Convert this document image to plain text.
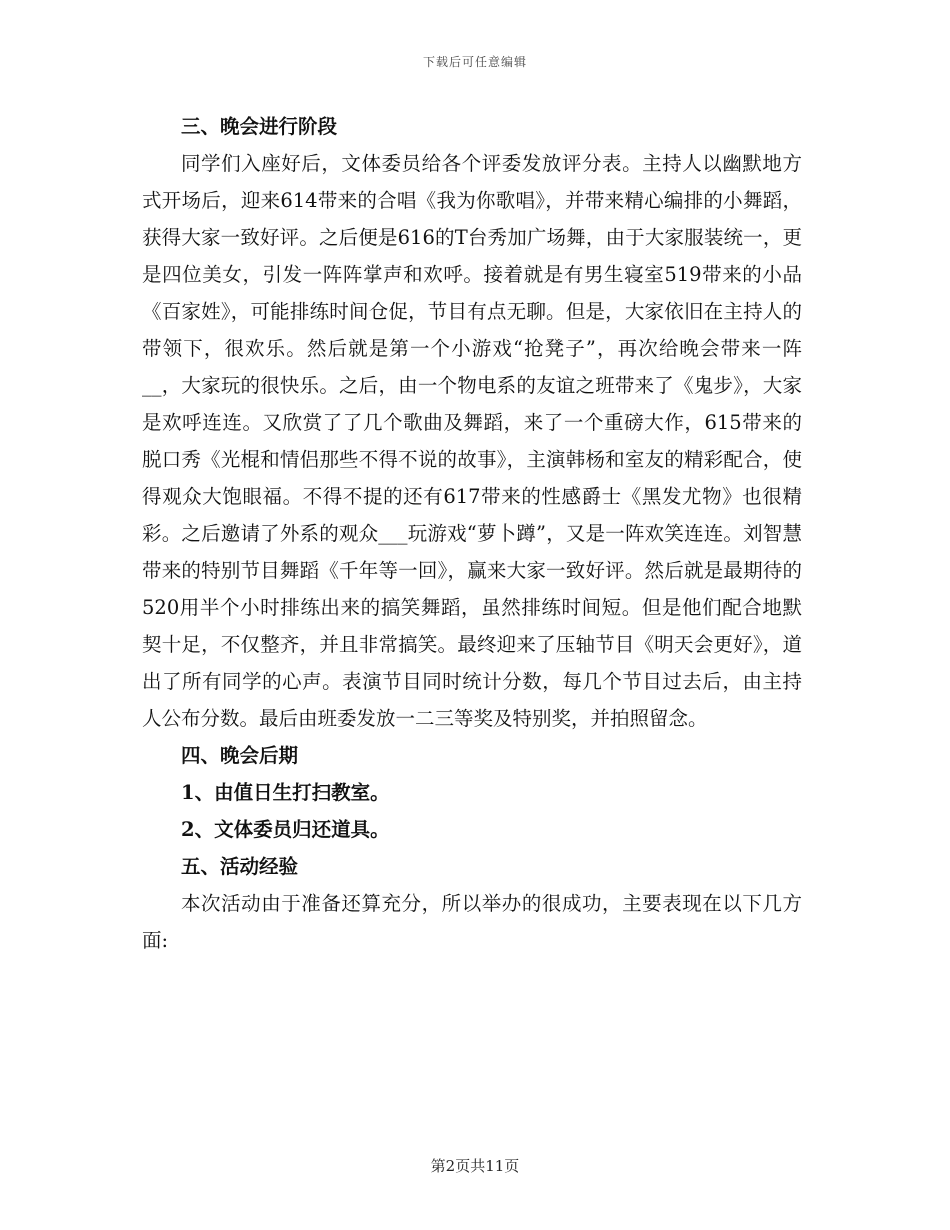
下载后可任意编辑

三、晚会进行阶段

同学们入座好后，文体委员给各个评委发放评分表。主持人以幽默地方式开场后，迎来614带来的合唱《我为你歌唱》，并带来精心编排的小舞蹈，获得大家一致好评。之后便是616的T台秀加广场舞，由于大家服装统一，更是四位美女，引发一阵阵掌声和欢呼。接着就是有男生寝室519带来的小品《百家姓》，可能排练时间仓促，节目有点无聊。但是，大家依旧在主持人的带领下，很欢乐。然后就是第一个小游戏“抢凳子”，再次给晚会带来一阵__，大家玩的很快乐。之后，由一个物电系的友谊之班带来了《鬼步》，大家是欢呼连连。又欣赏了了几个歌曲及舞蹈，来了一个重磅大作，615带来的脱口秀《光棍和情侣那些不得不说的故事》，主演韩杨和室友的精彩配合，使得观众大饱眼福。不得不提的还有617带来的性感爵士《黑发尤物》也很精彩。之后邀请了外系的观众___玩游戏“萝卜蹲”，又是一阵欢笑连连。刘智慧带来的特别节目舞蹈《千年等一回》，赢来大家一致好评。然后就是最期待的520用半个小时排练出来的搞笑舞蹈，虽然排练时间短。但是他们配合地默契十足，不仅整齐，并且非常搞笑。最终迎来了压轴节目《明天会更好》，道出了所有同学的心声。表演节目同时统计分数，每几个节目过去后，由主持人公布分数。最后由班委发放一二三等奖及特别奖，并拍照留念。

四、晚会后期

1、由值日生打扫教室。

2、文体委员归还道具。

五、活动经验

本次活动由于准备还算充分，所以举办的很成功，主要表现在以下几方面:

第2页共11页
